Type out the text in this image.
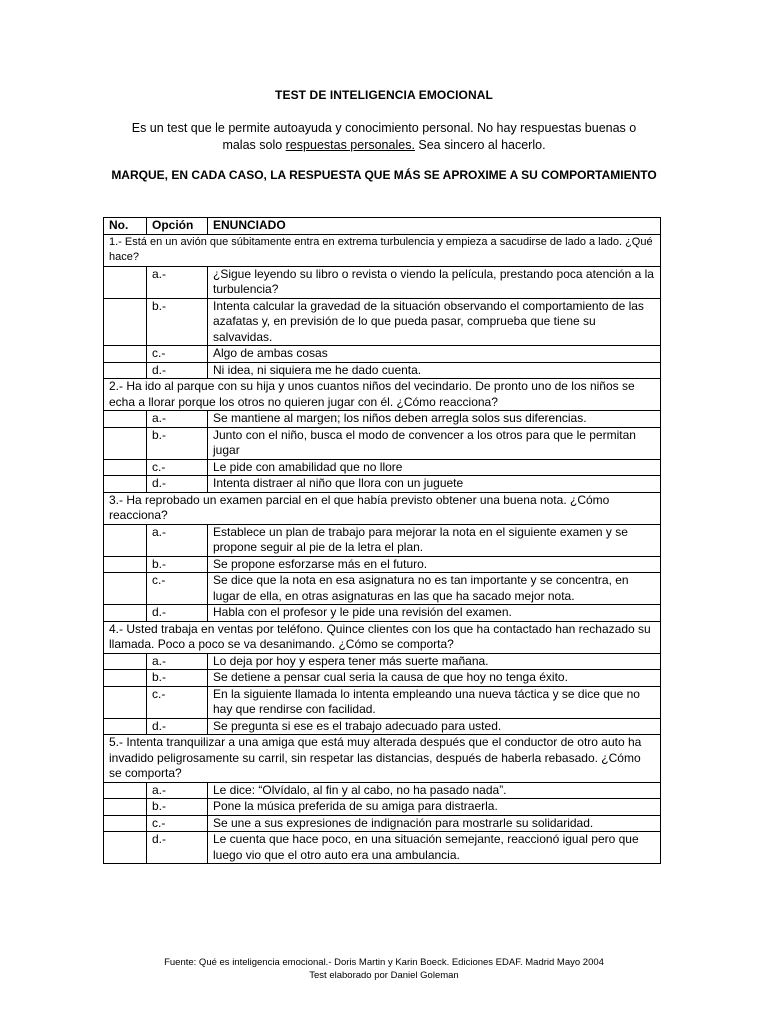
TEST DE INTELIGENCIA EMOCIONAL
Es un test que le permite autoayuda y conocimiento personal. No hay respuestas buenas o
malas solo respuestas personales. Sea sincero al hacerlo.
MARQUE, EN CADA CASO, LA RESPUESTA QUE MÁS SE APROXIME A SU COMPORTAMIENTO
No.	Opción	ENUNCIADO
1.- Está en un avión que súbitamente entra en extrema turbulencia y empieza a sacudirse de lado a lado. ¿Qué hace?		
	a.-	¿Sigue leyendo su libro o revista o viendo la película, prestando poca atención a la turbulencia?
	b.-	Intenta calcular la gravedad de la situación observando el comportamiento de las azafatas y, en previsión de lo que pueda pasar, comprueba que tiene su salvavidas.
	c.-	Algo de ambas cosas
	d.-	Ni idea, ni siquiera me he dado cuenta.
2.- Ha ido al parque con su hija y unos cuantos niños del vecindario. De pronto uno de los niños se echa a llorar porque los otros no quieren jugar con él. ¿Cómo reacciona?		
	a.-	Se mantiene al margen; los niños deben arregla solos sus diferencias.
	b.-	Junto con el niño, busca el modo de convencer a los otros para que le permitan jugar
	c.-	Le pide con amabilidad que no llore
	d.-	Intenta distraer al niño que llora con un juguete
3.- Ha reprobado un examen parcial en el que había previsto obtener una buena nota. ¿Cómo reacciona?		
	a.-	Establece un plan de trabajo para mejorar la nota en el siguiente examen y se propone seguir al pie de la letra el plan.
	b.-	Se propone esforzarse más en el futuro.
	c.-	Se dice que la nota en esa asignatura no es tan importante y se concentra, en lugar de ella, en otras asignaturas en las que ha sacado mejor nota.
	d.-	Habla con el profesor y le pide una revisión del examen.
4.- Usted trabaja en ventas por teléfono. Quince clientes con los que ha contactado han rechazado su llamada. Poco a poco se va desanimando. ¿Cómo se comporta?		
	a.-	Lo deja por hoy y espera tener más suerte mañana.
	b.-	Se detiene a pensar cual seria la causa de que hoy no tenga éxito.
	c.-	En la siguiente llamada lo intenta empleando una nueva táctica y se dice que no hay que rendirse con facilidad.
	d.-	Se pregunta si ese es el trabajo adecuado para usted.
5.- Intenta tranquilizar a una amiga que está muy alterada después que el conductor de otro auto ha invadido peligrosamente su carril, sin respetar las distancias, después de haberla rebasado. ¿Cómo se comporta?		
	a.-	Le dice: “Olvídalo, al fin y al cabo, no ha pasado nada”.
	b.-	Pone la música preferida de su amiga para distraerla.
	c.-	Se une a sus expresiones de indignación para mostrarle su solidaridad.
	d.-	Le cuenta que hace poco, en una situación semejante, reaccionó igual pero que luego vio que el otro auto era una ambulancia.
Fuente: Qué es inteligencia emocional.- Doris Martin y Karin Boeck. Ediciones EDAF. Madrid Mayo 2004
Test elaborado por Daniel Goleman
